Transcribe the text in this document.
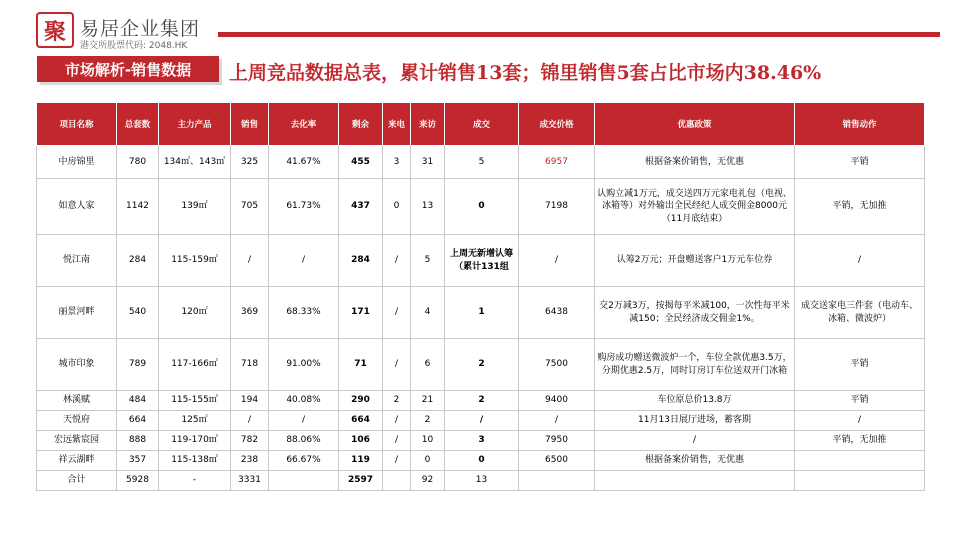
聚 易居企业集团
港交所股票代码: 2048.HK
市场解析-销售数据	上周竞品数据总表，累计销售13套；锦里销售5套占比市场内38.46%
项目名称	总套数	主力产品	销售	去化率	剩余	来电	来访	成交	成交价格	优惠政策	销售动作
中房锦里	780	134㎡、143㎡	325	41.67%	455	3	31	5	6957	根据备案价销售，无优惠	平销
如意人家	1142	139㎡	705	61.73%	437	0	13	0	7198	认购立减1万元，成交送四万元家电礼包（电视、冰箱等）对外输出全民经纪人成交佣金8000元（11月底结束）	平销，无加推
悦江南	284	115-159㎡	/	/	284	/	5	上周无新增认筹（累计131组	/	认筹2万元；开盘赠送客户1万元车位券	/
丽景河畔	540	120㎡	369	68.33%	171	/	4	1	6438	交2万减3万，按揭每平米减100，一次性每平米减150；全民经济成交佣金1%。	成交送家电三件套（电动车、冰箱、微波炉）
城市印象	789	117-166㎡	718	91.00%	71	/	6	2	7500	购房成功赠送微波炉一个，车位全款优惠3.5万，分期优惠2.5万，同时订房订车位送双开门冰箱	平销
林溪赋	484	115-155㎡	194	40.08%	290	2	21	2	9400	车位原总价13.8万	平销
天悦府	664	125㎡	/	/	664	/	2	/	/	11月13日展厅进场，蓄客期	/
宏远紫宸园	888	119-170㎡	782	88.06%	106	/	10	3	7950	/	平销，无加推
祥云湖畔	357	115-138㎡	238	66.67%	119	/	0	0	6500	根据备案价销售，无优惠	
合计	5928	-	3331		2597		92	13			
